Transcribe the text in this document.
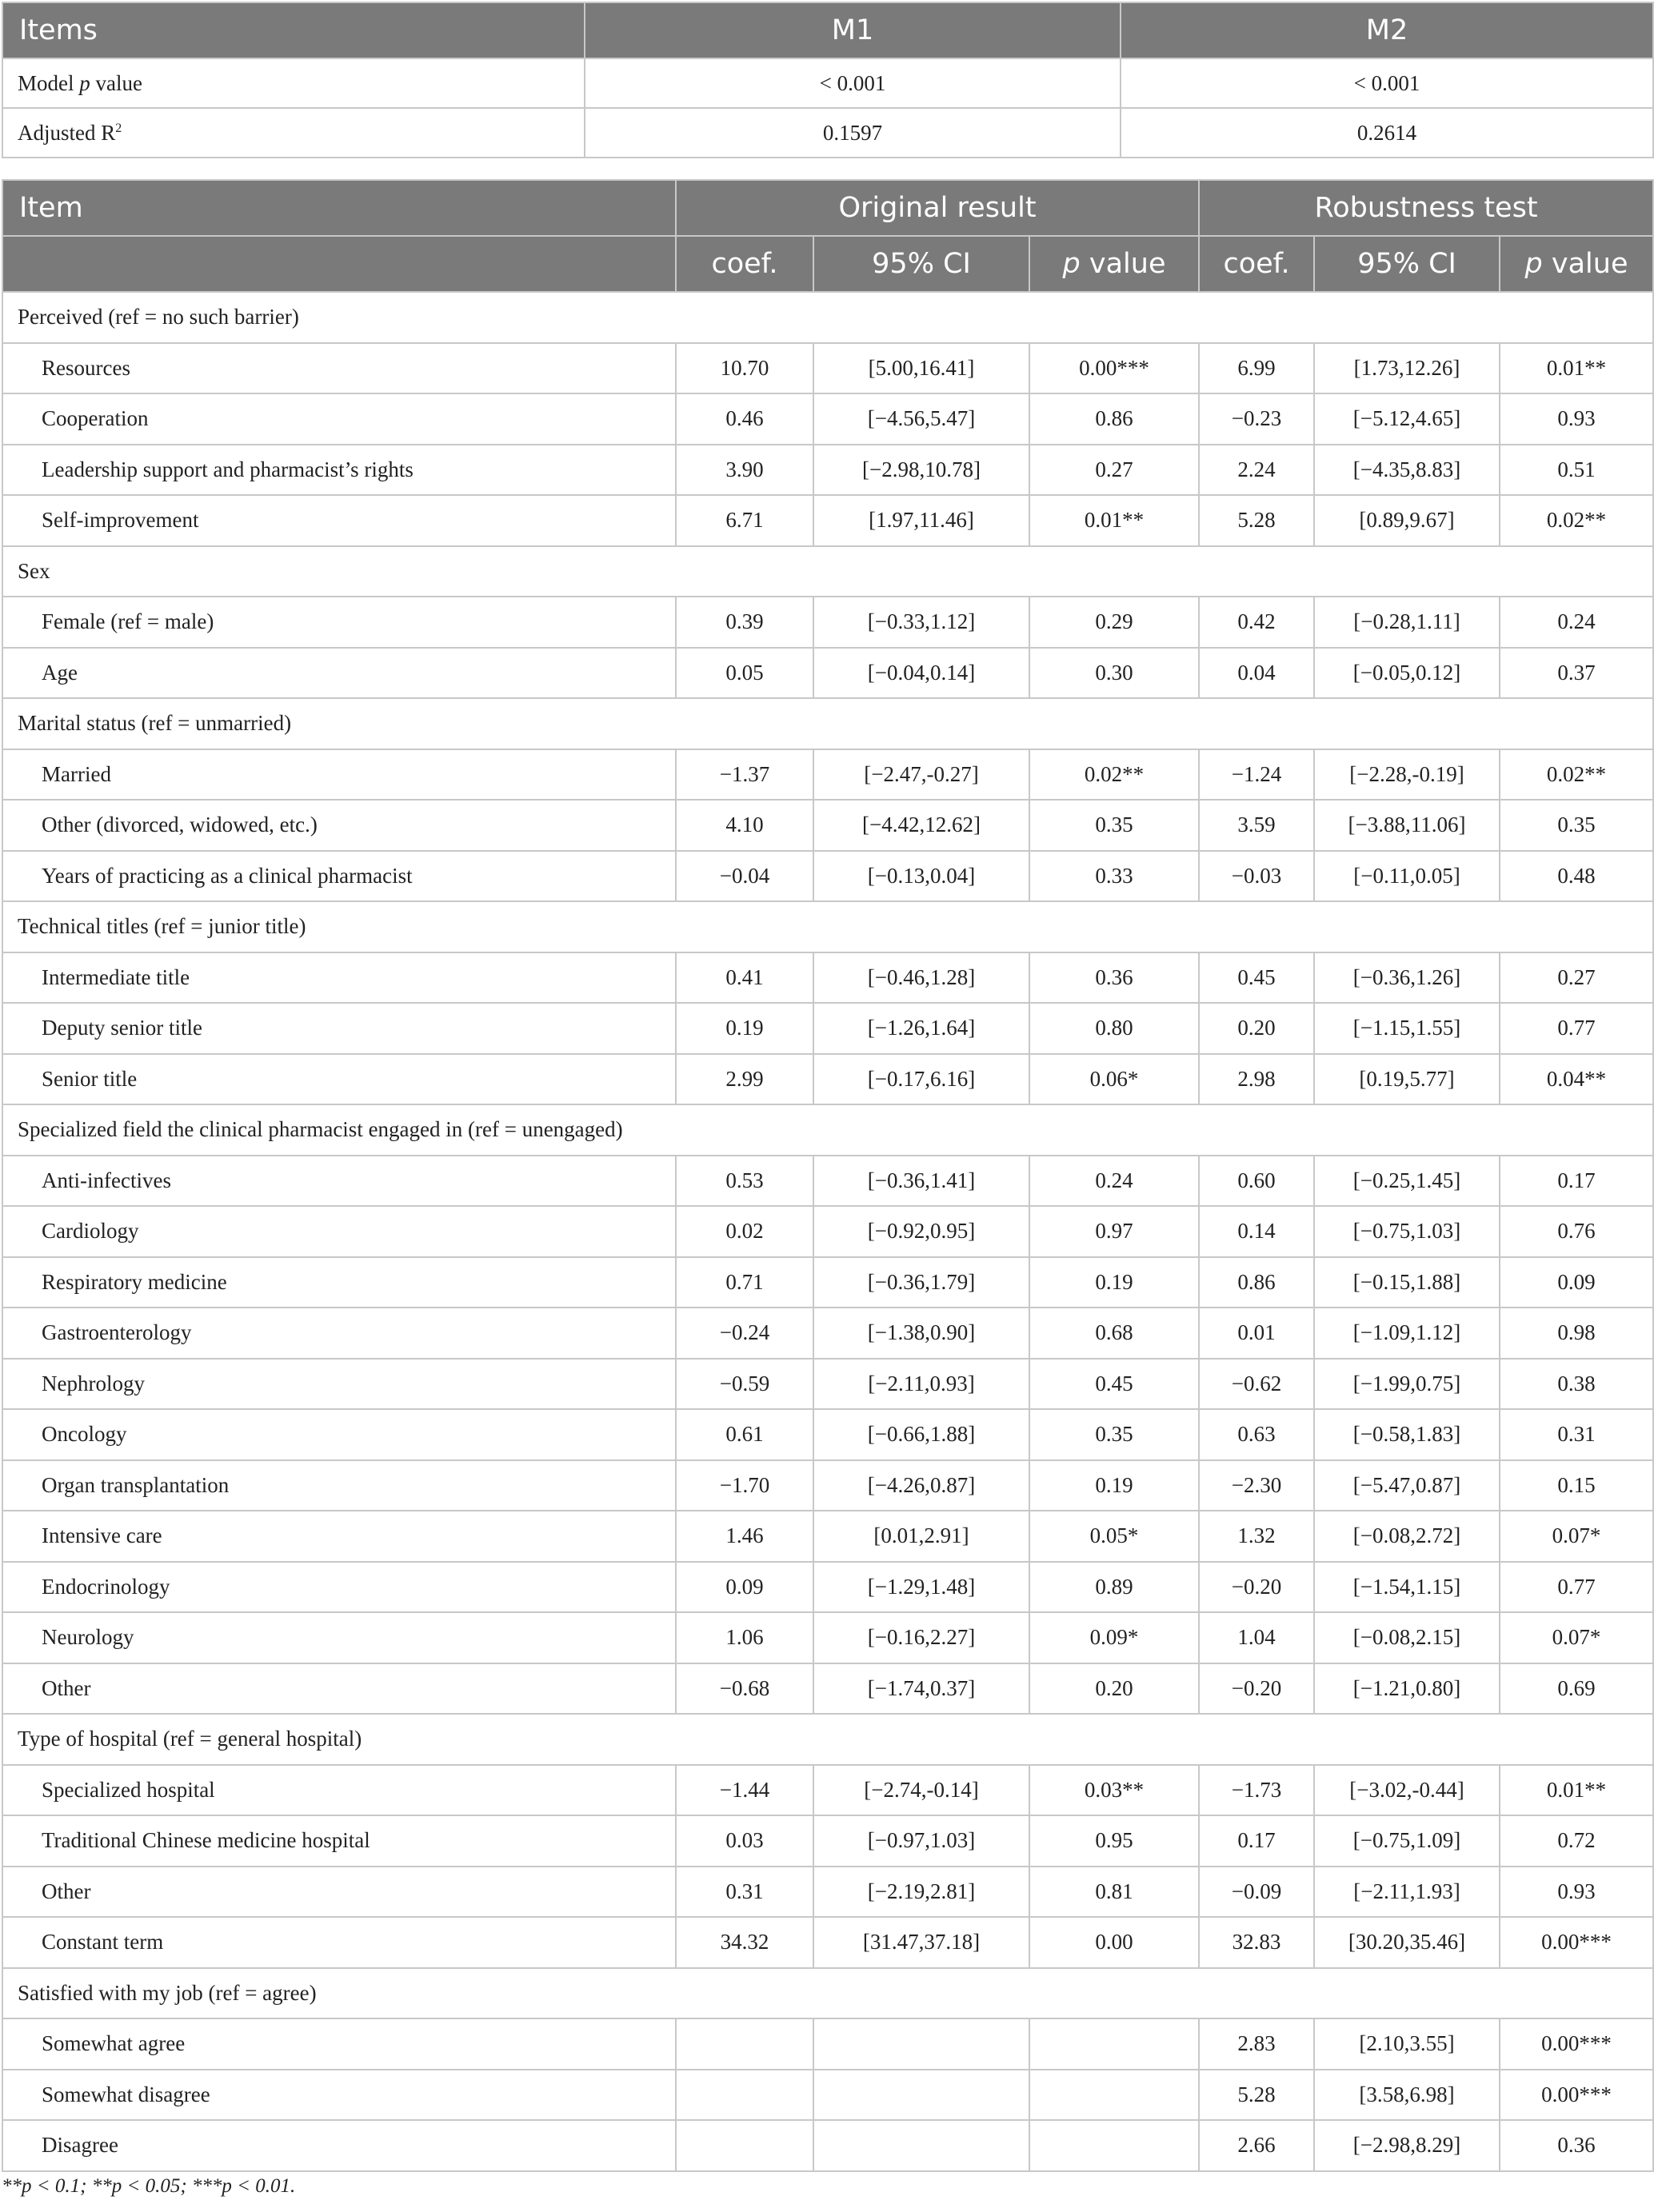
Items	M1	M2
Model p value	< 0.001	< 0.001
Adjusted $R^2$	0.1597	0.2614
Item	Original result			Robustness test		
	coef.	95% CI	p value	coef.	95% CI	p value
Perceived (ref = no such barrier)						
Resources	10.70	[5.00,16.41]	0.00***	6.99	[1.73,12.26]	0.01**
Cooperation	0.46	[−4.56,5.47]	0.86	−0.23	[−5.12,4.65]	0.93
Leadership support and pharmacist’s rights	3.90	[−2.98,10.78]	0.27	2.24	[−4.35,8.83]	0.51
Self-improvement	6.71	[1.97,11.46]	0.01**	5.28	[0.89,9.67]	0.02**
Sex						
Female (ref = male)	0.39	[−0.33,1.12]	0.29	0.42	[−0.28,1.11]	0.24
Age	0.05	[−0.04,0.14]	0.30	0.04	[−0.05,0.12]	0.37
Marital status (ref = unmarried)						
Married	−1.37	[−2.47,-0.27]	0.02**	−1.24	[−2.28,-0.19]	0.02**
Other (divorced, widowed, etc.)	4.10	[−4.42,12.62]	0.35	3.59	[−3.88,11.06]	0.35
Years of practicing as a clinical pharmacist	−0.04	[−0.13,0.04]	0.33	−0.03	[−0.11,0.05]	0.48
Technical titles (ref = junior title)						
Intermediate title	0.41	[−0.46,1.28]	0.36	0.45	[−0.36,1.26]	0.27
Deputy senior title	0.19	[−1.26,1.64]	0.80	0.20	[−1.15,1.55]	0.77
Senior title	2.99	[−0.17,6.16]	0.06*	2.98	[0.19,5.77]	0.04**
Specialized field the clinical pharmacist engaged in (ref = unengaged)						
Anti-infectives	0.53	[−0.36,1.41]	0.24	0.60	[−0.25,1.45]	0.17
Cardiology	0.02	[−0.92,0.95]	0.97	0.14	[−0.75,1.03]	0.76
Respiratory medicine	0.71	[−0.36,1.79]	0.19	0.86	[−0.15,1.88]	0.09
Gastroenterology	−0.24	[−1.38,0.90]	0.68	0.01	[−1.09,1.12]	0.98
Nephrology	−0.59	[−2.11,0.93]	0.45	−0.62	[−1.99,0.75]	0.38
Oncology	0.61	[−0.66,1.88]	0.35	0.63	[−0.58,1.83]	0.31
Organ transplantation	−1.70	[−4.26,0.87]	0.19	−2.30	[−5.47,0.87]	0.15
Intensive care	1.46	[0.01,2.91]	0.05*	1.32	[−0.08,2.72]	0.07*
Endocrinology	0.09	[−1.29,1.48]	0.89	−0.20	[−1.54,1.15]	0.77
Neurology	1.06	[−0.16,2.27]	0.09*	1.04	[−0.08,2.15]	0.07*
Other	−0.68	[−1.74,0.37]	0.20	−0.20	[−1.21,0.80]	0.69
Type of hospital (ref = general hospital)						
Specialized hospital	−1.44	[−2.74,-0.14]	0.03**	−1.73	[−3.02,-0.44]	0.01**
Traditional Chinese medicine hospital	0.03	[−0.97,1.03]	0.95	0.17	[−0.75,1.09]	0.72
Other	0.31	[−2.19,2.81]	0.81	−0.09	[−2.11,1.93]	0.93
Constant term	34.32	[31.47,37.18]	0.00	32.83	[30.20,35.46]	0.00***
Satisfied with my job (ref = agree)						
Somewhat agree				2.83	[2.10,3.55]	0.00***
Somewhat disagree				5.28	[3.58,6.98]	0.00***
Disagree				2.66	[−2.98,8.29]	0.36
**p < 0.1; **p < 0.05; ***p < 0.01.
